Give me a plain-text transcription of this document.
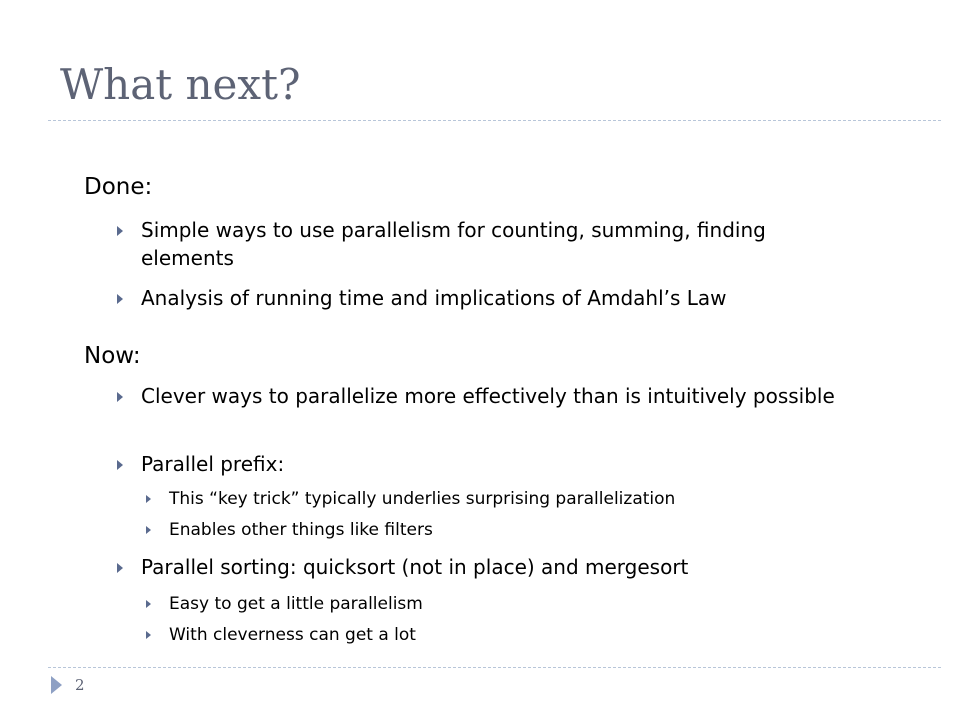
What next?
Done:
Simple ways to use parallelism for counting, summing, finding elements
Analysis of running time and implications of Amdahl’s Law
Now:
Clever ways to parallelize more effectively than is intuitively possible
Parallel prefix:
This “key trick” typically underlies surprising parallelization
Enables other things like filters
Parallel sorting: quicksort (not in place) and mergesort
Easy to get a little parallelism
With cleverness can get a lot
2
